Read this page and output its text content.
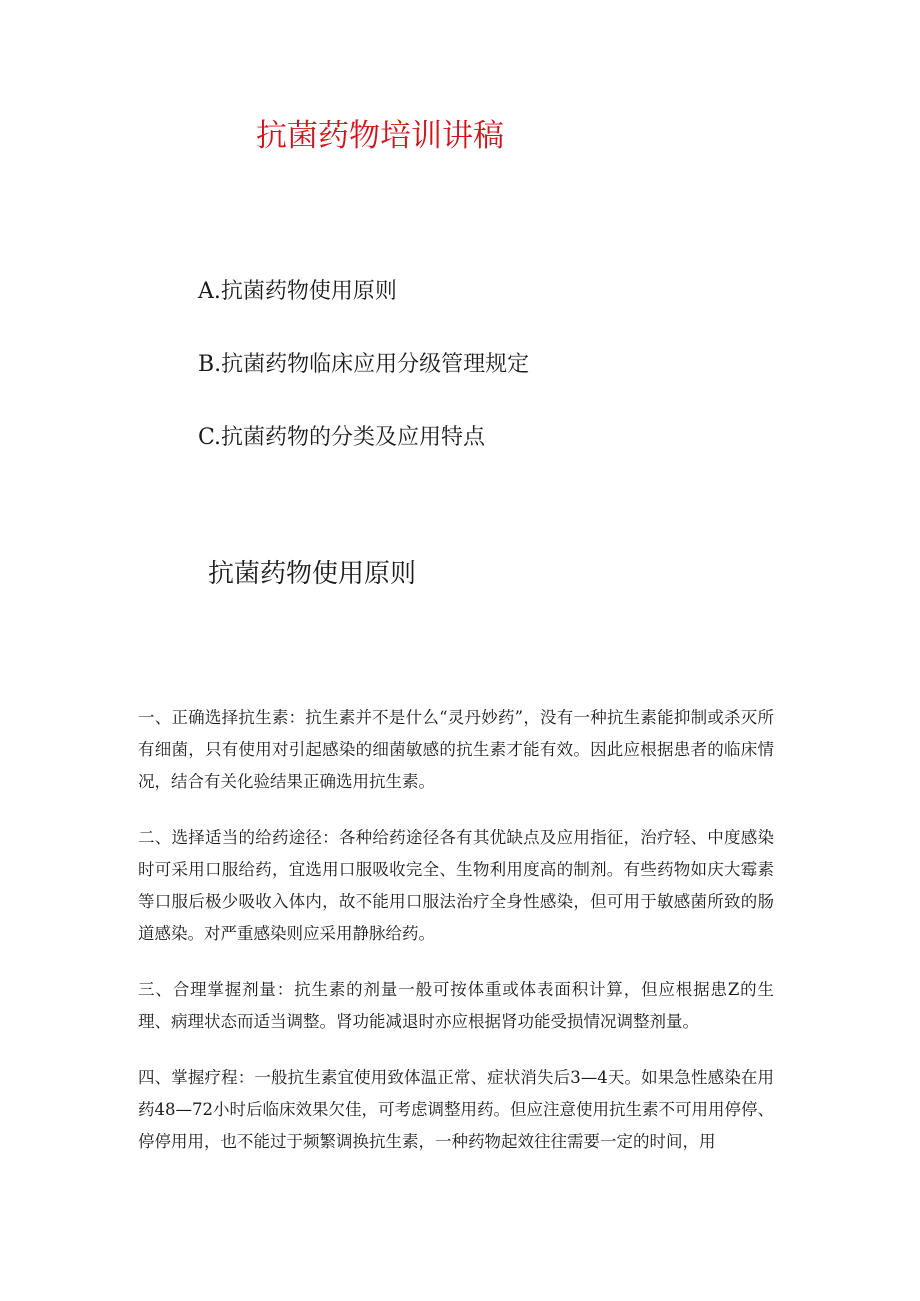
抗菌药物培训讲稿
A.抗菌药物使用原则
B.抗菌药物临床应用分级管理规定
C.抗菌药物的分类及应用特点
抗菌药物使用原则

一、正确选择抗生素：抗生素并不是什么“灵丹妙药”，没有一种抗生素能抑制或杀灭所有细菌，只有使用对引起感染的细菌敏感的抗生素才能有效。因此应根据患者的临床情况，结合有关化验结果正确选用抗生素。

二、选择适当的给药途径：各种给药途径各有其优缺点及应用指征，治疗轻、中度感染时可采用口服给药，宜选用口服吸收完全、生物利用度高的制剂。有些药物如庆大霉素等口服后极少吸收入体内，故不能用口服法治疗全身性感染，但可用于敏感菌所致的肠道感染。对严重感染则应采用静脉给药。

三、合理掌握剂量：抗生素的剂量一般可按体重或体表面积计算，但应根据患Z的生理、病理状态而适当调整。肾功能减退时亦应根据肾功能受损情况调整剂量。

四、掌握疗程：一般抗生素宜使用致体温正常、症状消失后3—4天。如果急性感染在用药48—72小时后临床效果欠佳，可考虑调整用药。但应注意使用抗生素不可用用停停、停停用用，也不能过于频繁调换抗生素，一种药物起效往往需要一定的时间，用
